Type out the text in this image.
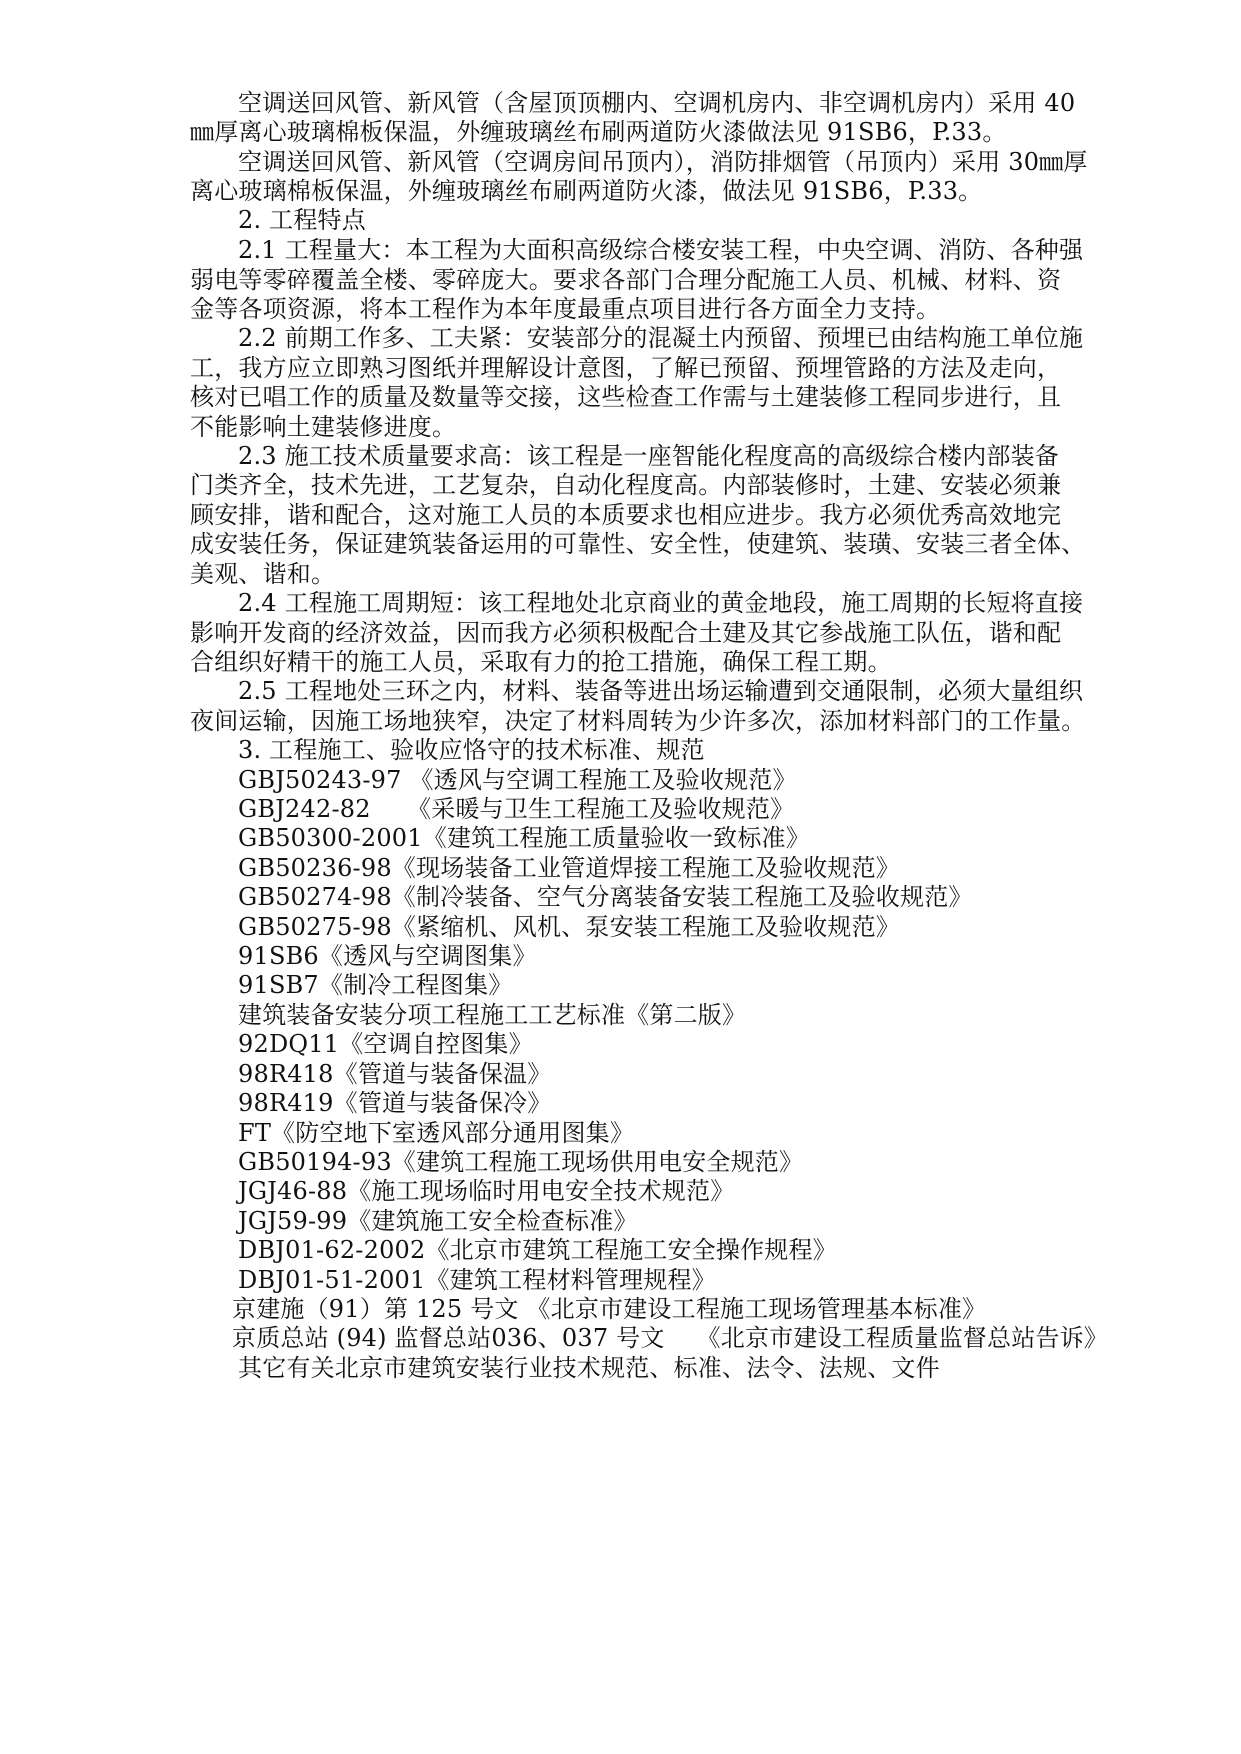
空调送回风管、新风管（含屋顶顶棚内、空调机房内、非空调机房内）采用 40
㎜厚离心玻璃棉板保温，外缠玻璃丝布刷两道防火漆做法见 91SB6，P.33。
空调送回风管、新风管（空调房间吊顶内），消防排烟管（吊顶内）采用 30㎜厚
离心玻璃棉板保温，外缠玻璃丝布刷两道防火漆，做法见 91SB6，P.33。
2. 工程特点
2.1 工程量大：本工程为大面积高级综合楼安装工程，中央空调、消防、各种强
弱电等零碎覆盖全楼、零碎庞大。要求各部门合理分配施工人员、机械、材料、资
金等各项资源，将本工程作为本年度最重点项目进行各方面全力支持。
2.2 前期工作多、工夫紧：安装部分的混凝土内预留、预埋已由结构施工单位施
工，我方应立即熟习图纸并理解设计意图，了解已预留、预埋管路的方法及走向，
核对已唱工作的质量及数量等交接，这些检查工作需与土建装修工程同步进行，且
不能影响土建装修进度。
2.3 施工技术质量要求高：该工程是一座智能化程度高的高级综合楼内部装备
门类齐全，技术先进，工艺复杂，自动化程度高。内部装修时，土建、安装必须兼
顾安排，谐和配合，这对施工人员的本质要求也相应进步。我方必须优秀高效地完
成安装任务，保证建筑装备运用的可靠性、安全性，使建筑、装璜、安装三者全体、
美观、谐和。
2.4 工程施工周期短：该工程地处北京商业的黄金地段，施工周期的长短将直接
影响开发商的经济效益，因而我方必须积极配合土建及其它参战施工队伍，谐和配
合组织好精干的施工人员，采取有力的抢工措施，确保工程工期。
2.5 工程地处三环之内，材料、装备等进出场运输遭到交通限制，必须大量组织
夜间运输，因施工场地狭窄，决定了材料周转为少许多次，添加材料部门的工作量。
3. 工程施工、验收应恪守的技术标准、规范
GBJ50243-97 《透风与空调工程施工及验收规范》
GBJ242-82　　《采暖与卫生工程施工及验收规范》
GB50300-2001《建筑工程施工质量验收一致标准》
GB50236-98《现场装备工业管道焊接工程施工及验收规范》
GB50274-98《制冷装备、空气分离装备安装工程施工及验收规范》
GB50275-98《紧缩机、风机、泵安装工程施工及验收规范》
91SB6《透风与空调图集》
91SB7《制冷工程图集》
建筑装备安装分项工程施工工艺标准《第二版》
92DQ11《空调自控图集》
98R418《管道与装备保温》
98R419《管道与装备保冷》
FT《防空地下室透风部分通用图集》
GB50194-93《建筑工程施工现场供用电安全规范》
JGJ46-88《施工现场临时用电安全技术规范》
JGJ59-99《建筑施工安全检查标准》
DBJ01-62-2002《北京市建筑工程施工安全操作规程》
DBJ01-51-2001《建筑工程材料管理规程》
京建施（91）第 125 号文 《北京市建设工程施工现场管理基本标准》
京质总站 (94) 监督总站036、037 号文　 《北京市建设工程质量监督总站告诉》
其它有关北京市建筑安装行业技术规范、标准、法令、法规、文件
